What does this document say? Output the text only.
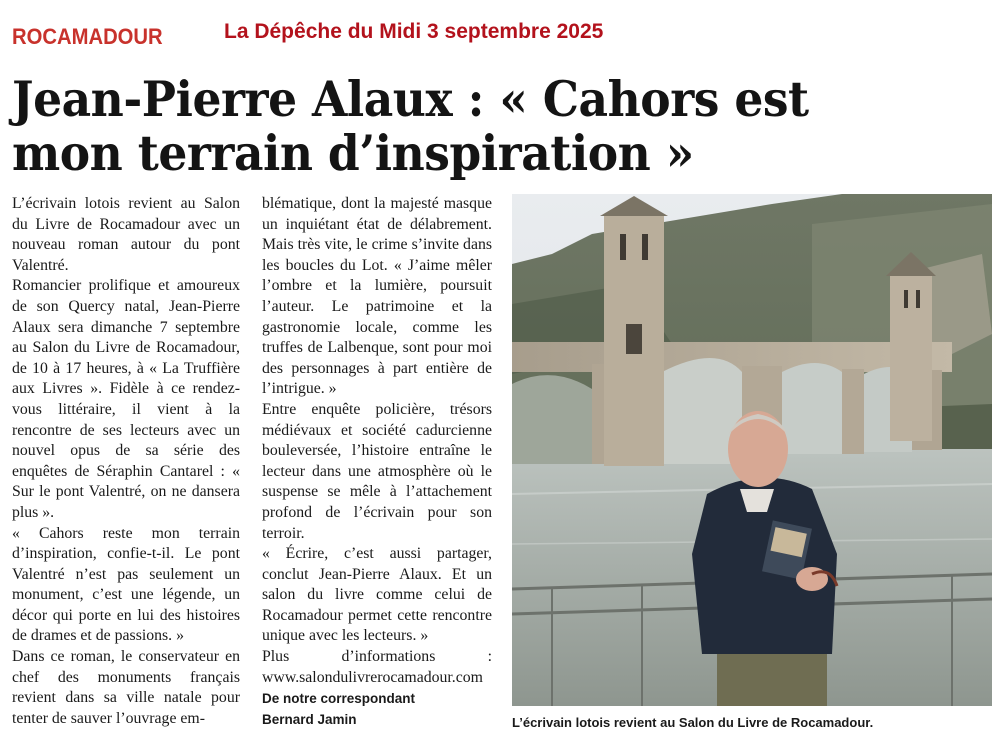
ROCAMADOUR	La Dépêche du Midi 3 septembre 2025
Jean-Pierre Alaux : « Cahors est mon terrain d’inspiration »

L’écrivain lotois revient au Salon du Livre de Rocamadour avec un nouveau roman autour du pont Valentré.

Romancier prolifique et amoureux de son Quercy natal, Jean-Pierre Alaux sera dimanche 7 septembre au Salon du Livre de Rocamadour, de 10 à 17 heures, à « La Truffière aux Livres ». Fidèle à ce rendez-vous littéraire, il vient à la rencontre de ses lecteurs avec un nouvel opus de sa série des enquêtes de Séraphin Cantarel : « Sur le pont Valentré, on ne dansera plus ».

« Cahors reste mon terrain d’inspiration, confie-t-il. Le pont Valentré n’est pas seulement un monument, c’est une légende, un décor qui porte en lui des histoires de drames et de passions. »

Dans ce roman, le conservateur en chef des monuments français revient dans sa ville natale pour tenter de sauver l’ouvrage em-

blématique, dont la majesté masque un inquiétant état de délabrement. Mais très vite, le crime s’invite dans les boucles du Lot. « J’aime mêler l’ombre et la lumière, poursuit l’auteur. Le patrimoine et la gastronomie locale, comme les truffes de Lalbenque, sont pour moi des personnages à part entière de l’intrigue. »

Entre enquête policière, trésors médiévaux et société cadurcienne bouleversée, l’histoire entraîne le lecteur dans une atmosphère où le suspense se mêle à l’attachement profond de l’écrivain pour son terroir.

« Écrire, c’est aussi partager, conclut Jean-Pierre Alaux. Et un salon du livre comme celui de Rocamadour permet cette rencontre unique avec les lecteurs. »

Plus d’informations : www.salondulivrerocamadour.com

De notre correspondant

Bernard Jamin	L’écrivain lotois revient au Salon du Livre de Rocamadour.
